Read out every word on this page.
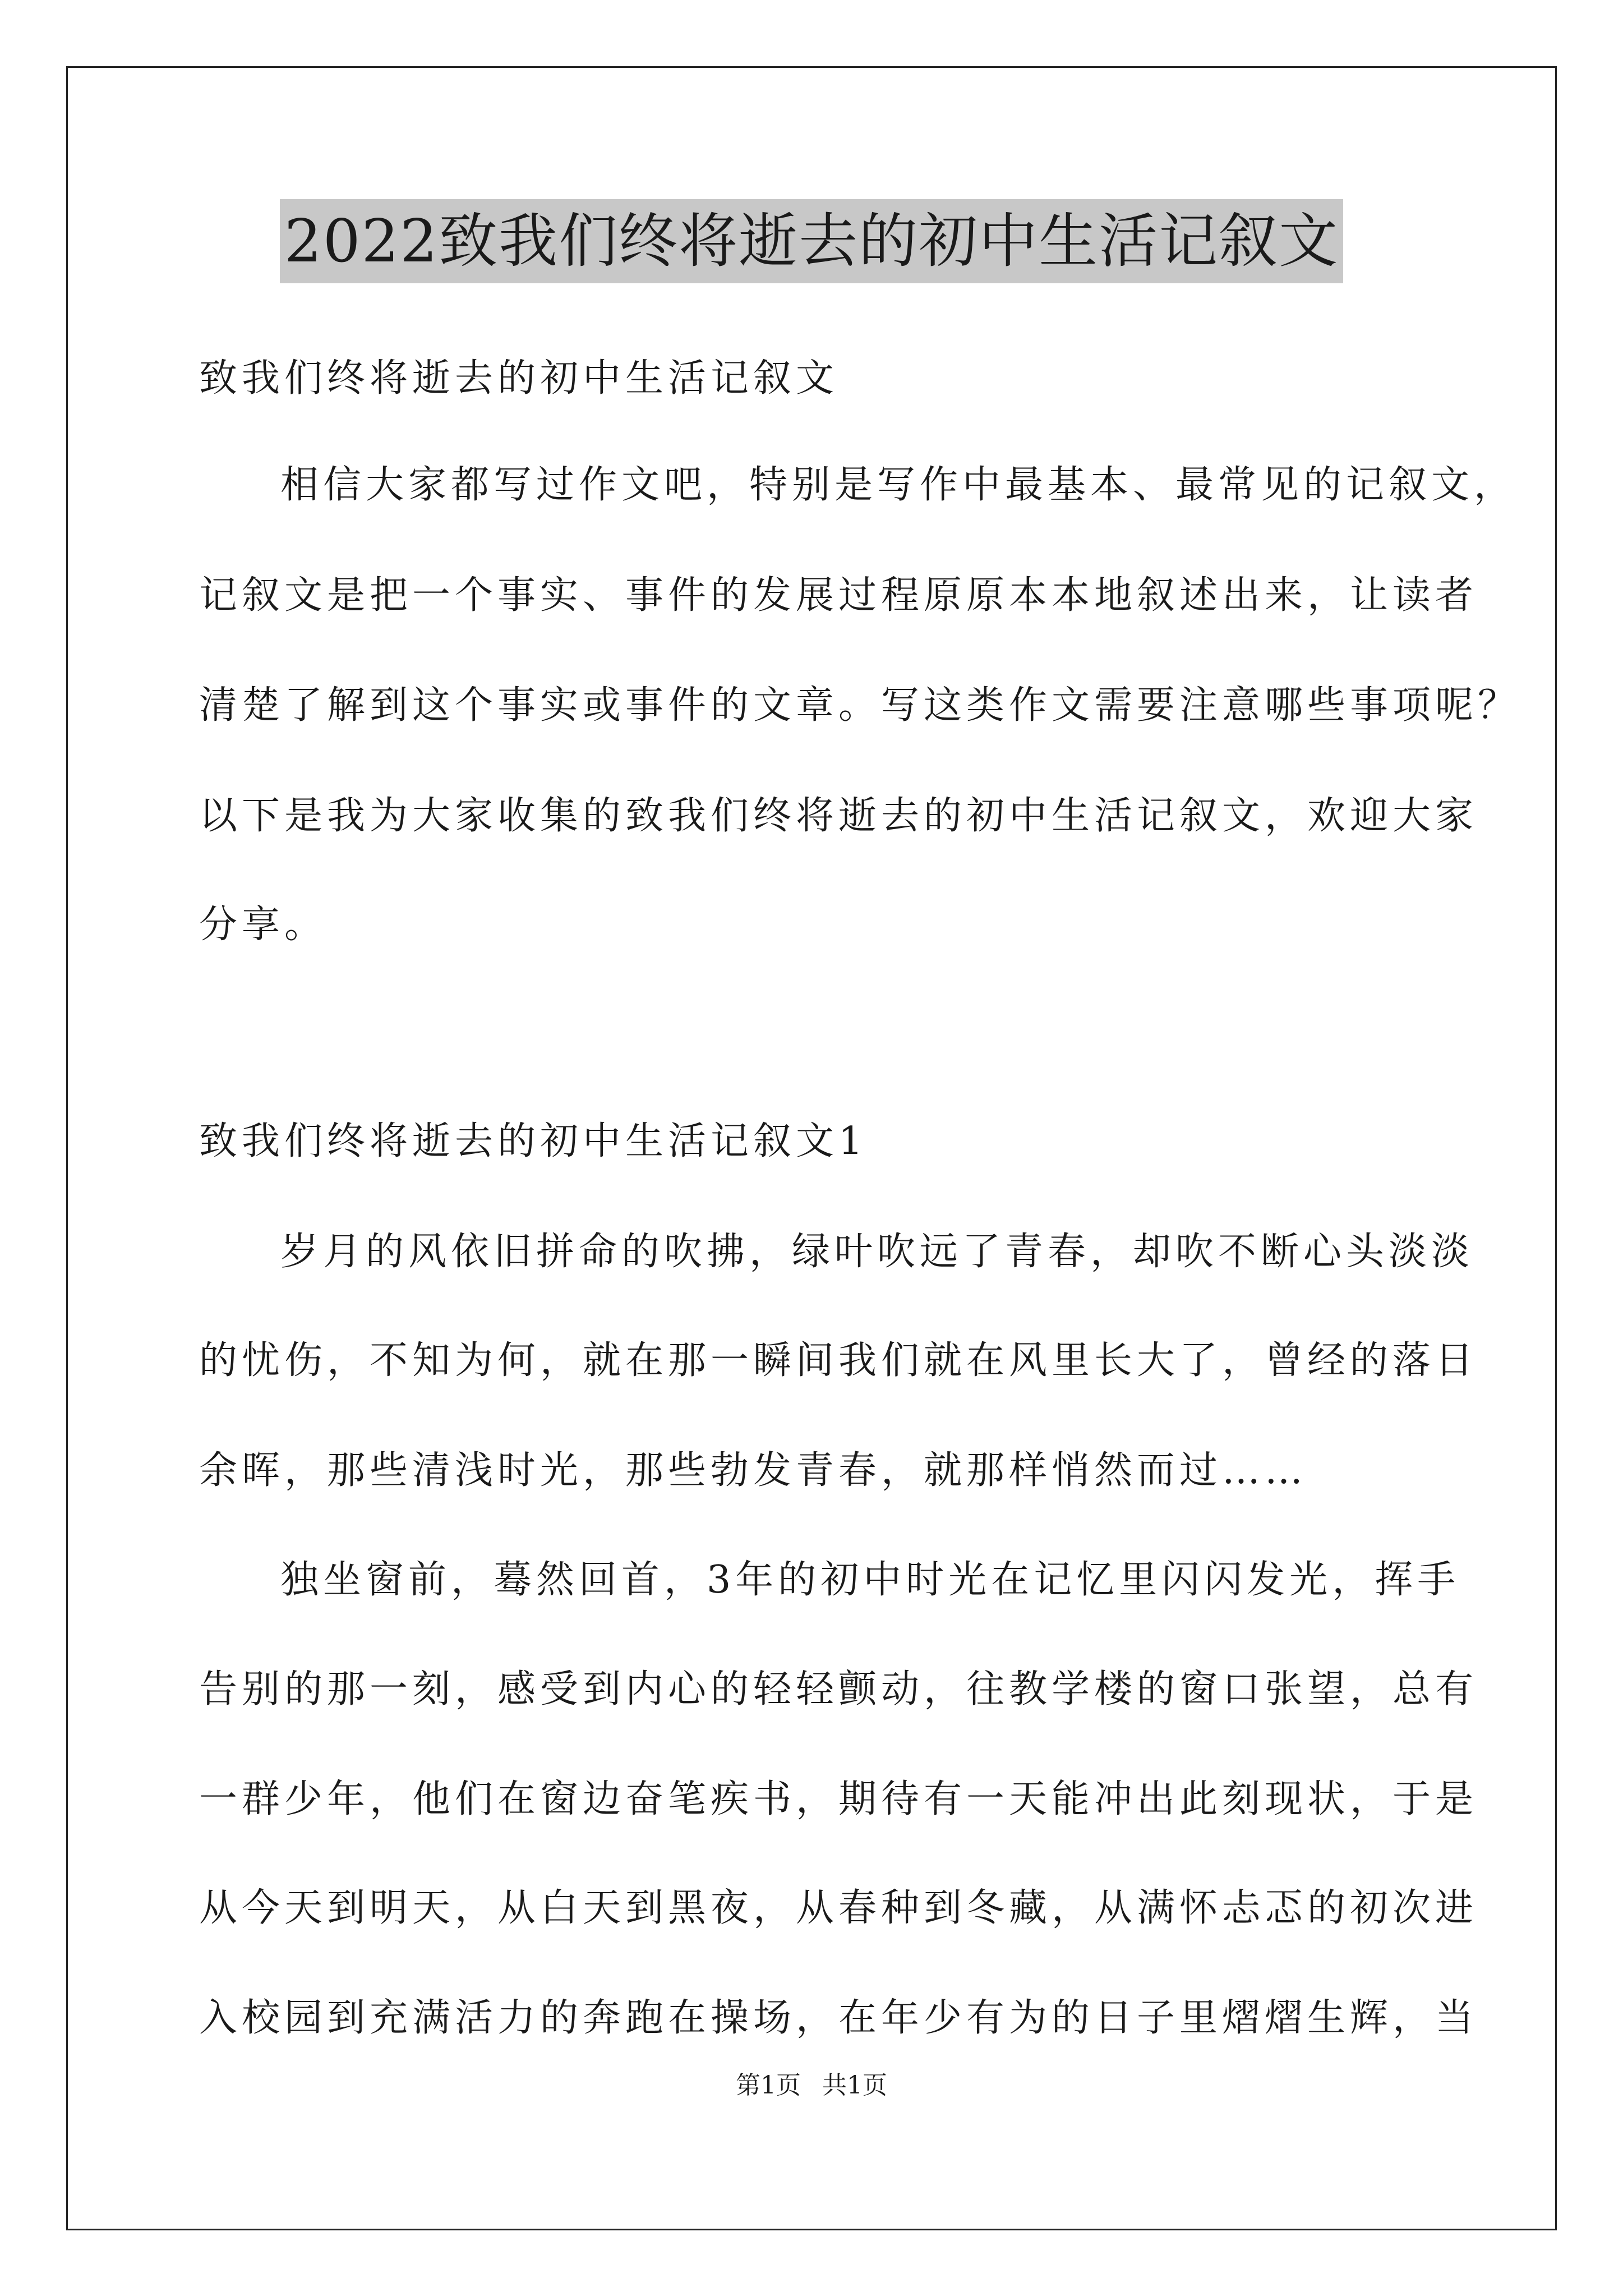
2022致我们终将逝去的初中生活记叙文
致我们终将逝去的初中生活记叙文
相信大家都写过作文吧，特别是写作中最基本、最常见的记叙文，
记叙文是把一个事实、事件的发展过程原原本本地叙述出来，让读者
清楚了解到这个事实或事件的文章。写这类作文需要注意哪些事项呢？
以下是我为大家收集的致我们终将逝去的初中生活记叙文，欢迎大家
分享。
致我们终将逝去的初中生活记叙文1
岁月的风依旧拼命的吹拂，绿叶吹远了青春，却吹不断心头淡淡
的忧伤，不知为何，就在那一瞬间我们就在风里长大了，曾经的落日
余晖，那些清浅时光，那些勃发青春，就那样悄然而过……
独坐窗前，蓦然回首，3年的初中时光在记忆里闪闪发光，挥手
告别的那一刻，感受到内心的轻轻颤动，往教学楼的窗口张望，总有
一群少年，他们在窗边奋笔疾书，期待有一天能冲出此刻现状，于是
从今天到明天，从白天到黑夜，从春种到冬藏，从满怀忐忑的初次进
入校园到充满活力的奔跑在操场，在年少有为的日子里熠熠生辉，当
第1页 共1页
